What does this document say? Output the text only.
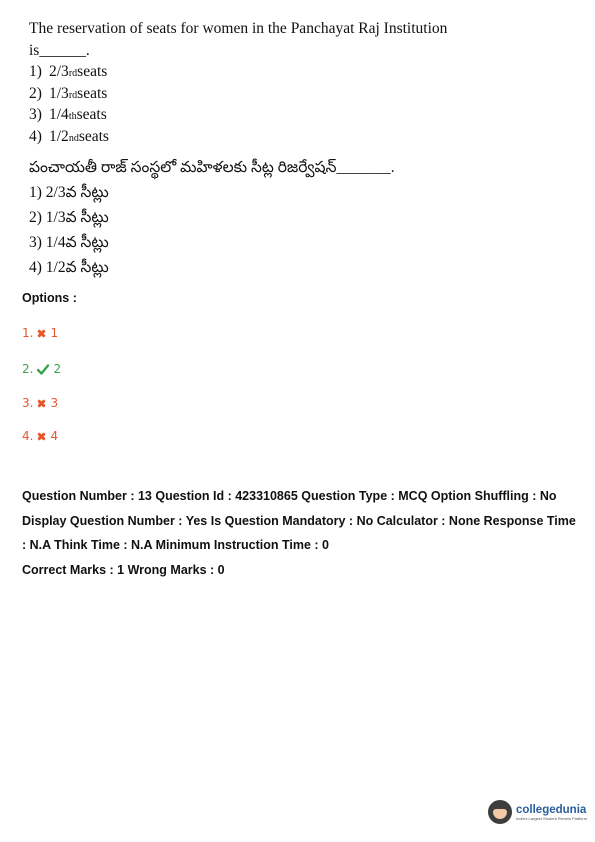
The reservation of seats for women in the Panchayat Raj Institution is______.
1) 2/3 rd seats
2) 1/3 rd seats
3) 1/4 th seats
4) 1/2 nd seats
పంచాయతీ రాజ్ సంస్థలో మహిళలకు సీట్ల రిజర్వేషన్_______.
1) 2/3వ సీట్లు
2) 1/3వ సీట్లు
3) 1/4వ సీట్లు
4) 1/2వ సీట్లు
Options :
1. 1
2. 2
3. 3
4. 4

Question Number : 13 Question Id : 423310865 Question Type : MCQ Option Shuffling : No

Display Question Number : Yes Is Question Mandatory : No Calculator : None Response Time

: N.A Think Time : N.A Minimum Instruction Time : 0

Correct Marks : 1 Wrong Marks : 0

collegedunia
India's Largest Student Review Platform
